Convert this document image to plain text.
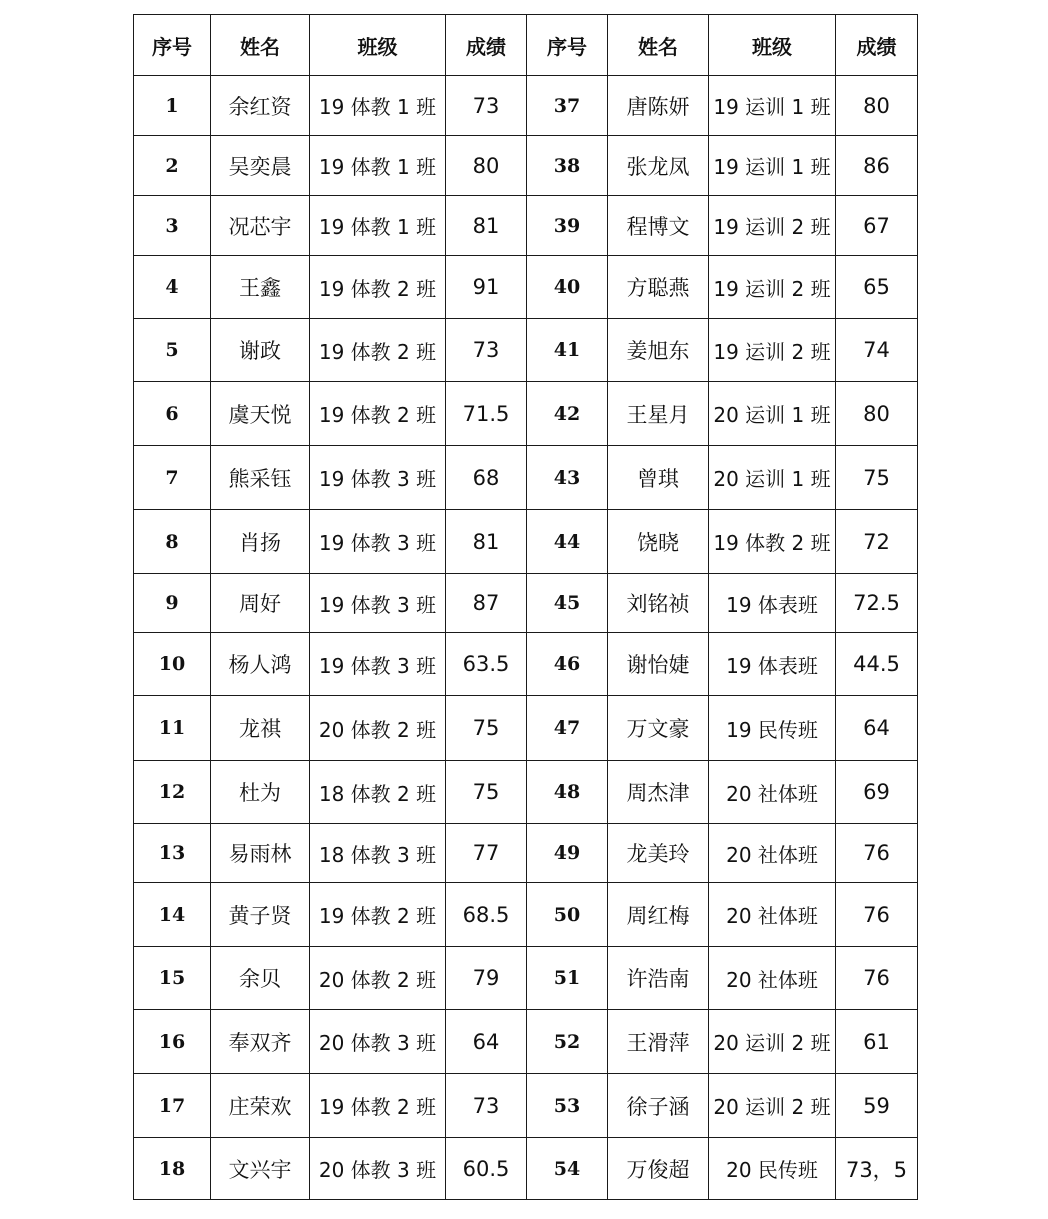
序号	姓名	班级	成绩	序号	姓名	班级	成绩
1	余红资	19 体教 1 班	73	37	唐陈妍	19 运训 1 班	80
2	吴奕晨	19 体教 1 班	80	38	张龙凤	19 运训 1 班	86
3	况芯宇	19 体教 1 班	81	39	程博文	19 运训 2 班	67
4	王鑫	19 体教 2 班	91	40	方聪燕	19 运训 2 班	65
5	谢政	19 体教 2 班	73	41	姜旭东	19 运训 2 班	74
6	虞天悦	19 体教 2 班	71.5	42	王星月	20 运训 1 班	80
7	熊采钰	19 体教 3 班	68	43	曾琪	20 运训 1 班	75
8	肖扬	19 体教 3 班	81	44	饶晓	19 体教 2 班	72
9	周好	19 体教 3 班	87	45	刘铭祯	19 体表班	72.5
10	杨人鸿	19 体教 3 班	63.5	46	谢怡婕	19 体表班	44.5
11	龙祺	20 体教 2 班	75	47	万文豪	19 民传班	64
12	杜为	18 体教 2 班	75	48	周杰津	20 社体班	69
13	易雨林	18 体教 3 班	77	49	龙美玲	20 社体班	76
14	黄子贤	19 体教 2 班	68.5	50	周红梅	20 社体班	76
15	余贝	20 体教 2 班	79	51	许浩南	20 社体班	76
16	奉双齐	20 体教 3 班	64	52	王滑萍	20 运训 2 班	61
17	庄荣欢	19 体教 2 班	73	53	徐子涵	20 运训 2 班	59
18	文兴宇	20 体教 3 班	60.5	54	万俊超	20 民传班	73，5
